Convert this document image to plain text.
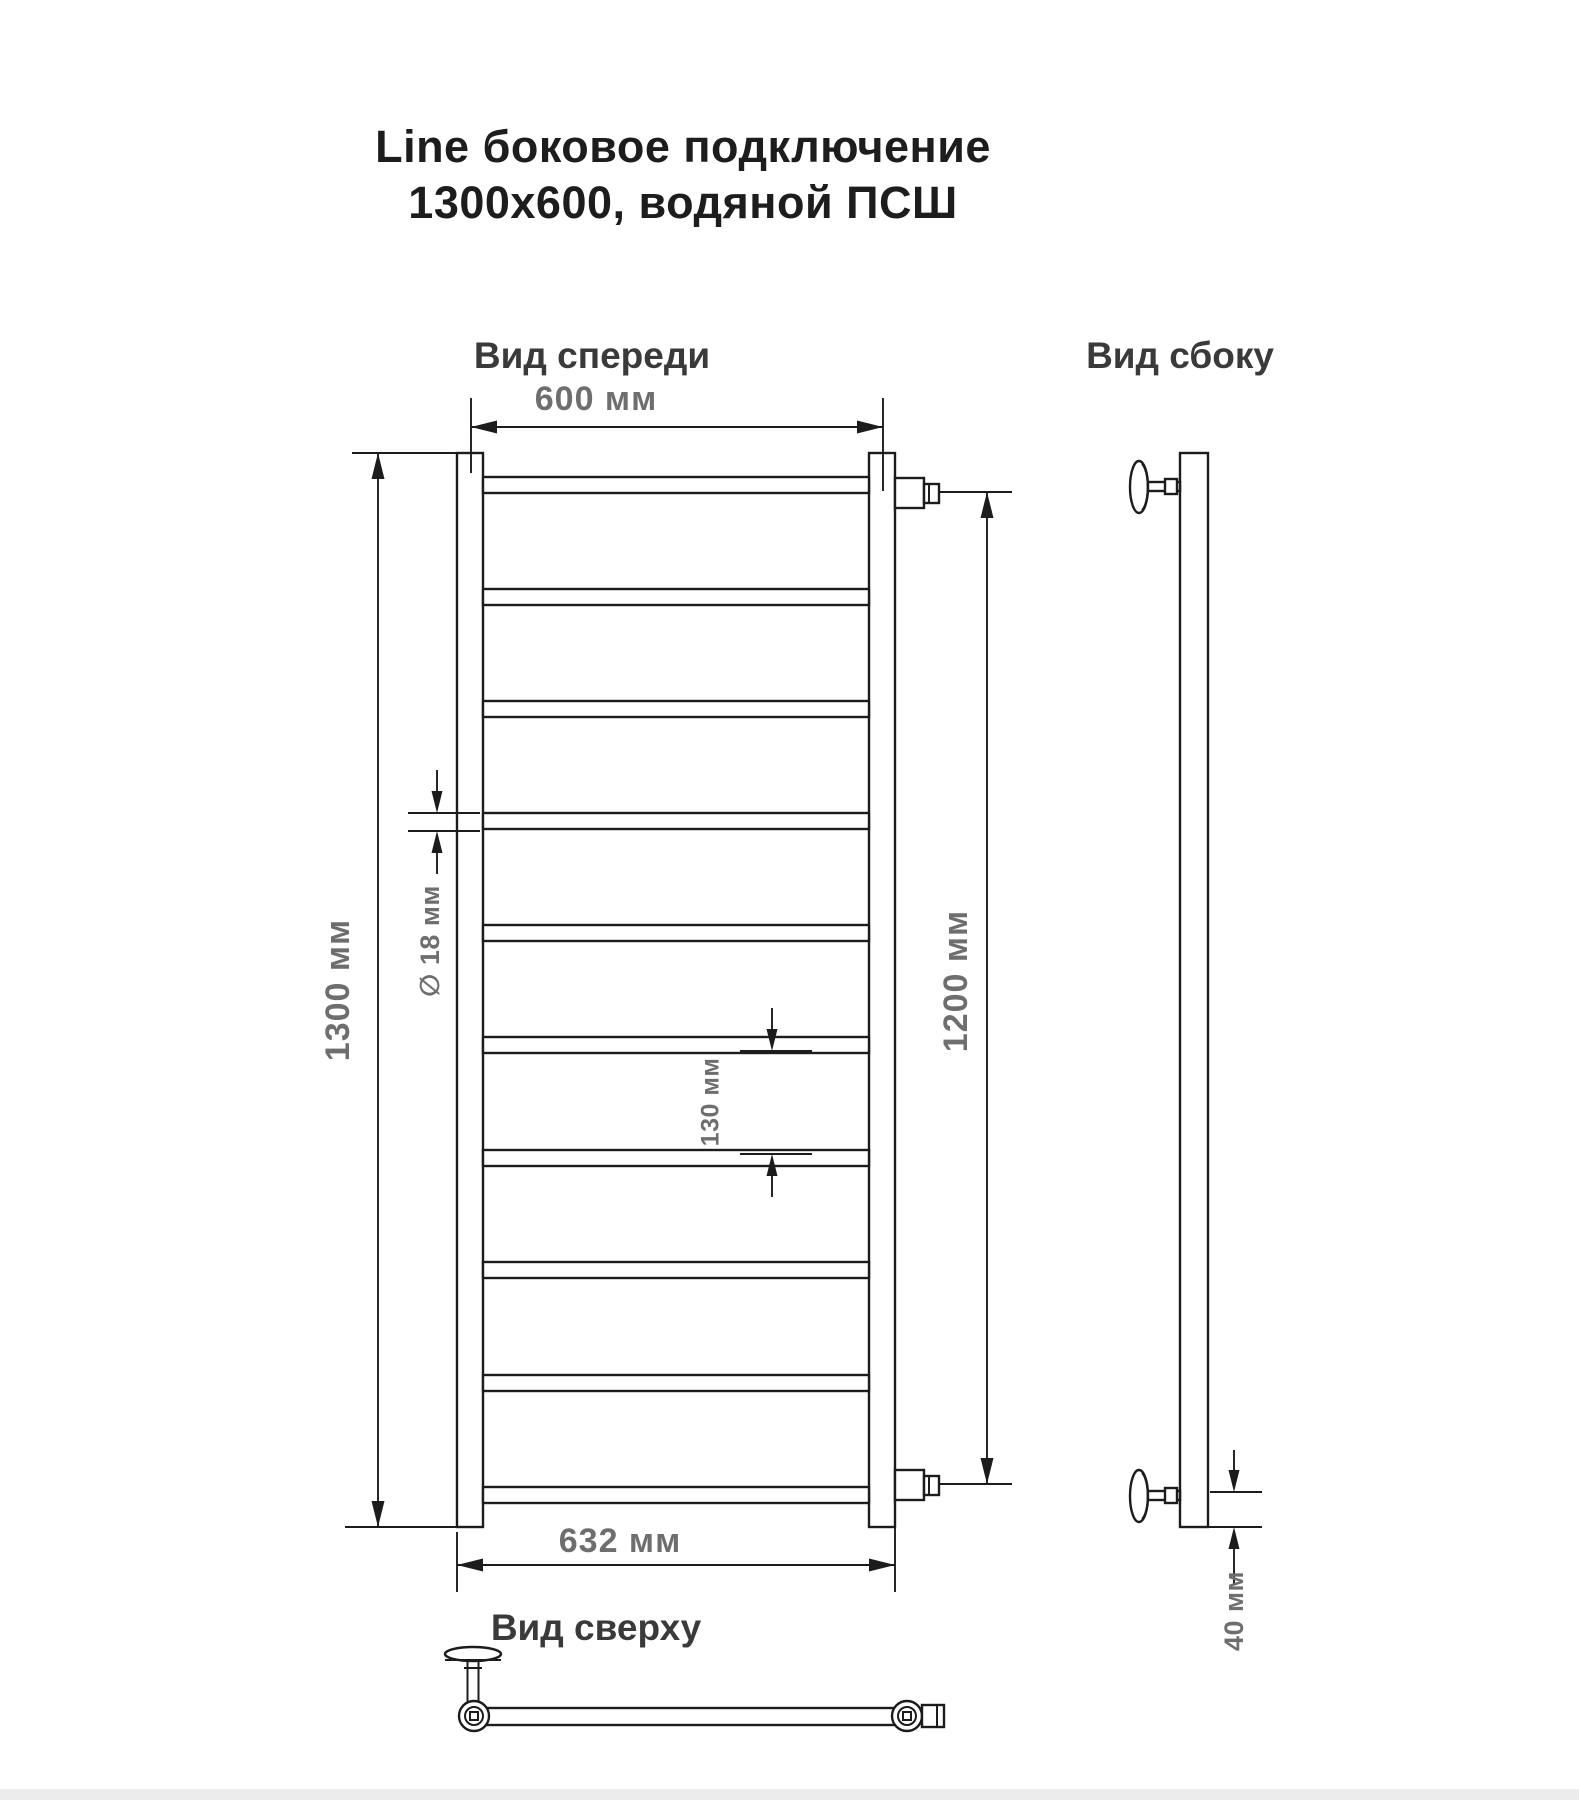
Line боковое подключение
1300x600, водяной ПСШ
Вид спереди	Вид сбоку
Вид сверху
600 мм
1300 мм	1200 мм
∅ 18 мм
130 мм
632 мм
40 мм
